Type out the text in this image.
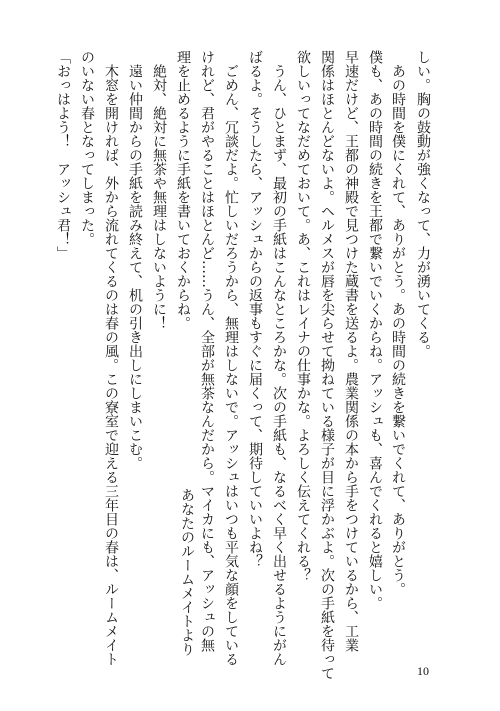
しい。胸の鼓動が強くなって、力が湧いてくる。
あの時間を僕にくれて、ありがとう。あの時間の続きを繋いでくれて、ありがとう。
僕も、あの時間の続きを王都で繋いでいくからね。アッシュも、喜んでくれると嬉しい。
早速だけど、王都の神殿で見つけた蔵書を送るよ。農業関係の本から手をつけているから、工業
関係はほとんどないよ。ヘルメスが唇を尖らせて拗ねている様子が目に浮かぶよ。次の手紙を待って
欲しいってなだめておいて。あ、これはレイナの仕事かな。よろしく伝えてくれる？
うん、ひとまず、最初の手紙はこんなところかな。次の手紙も、なるべく早く出せるようにがん
ばるよ。そうしたら、アッシュからの返事もすぐに届くって、期待していいよね？
ごめん、冗談だよ。忙しいだろうから、無理はしないで。アッシュはいつも平気な顔をしている
けれど、君がやることはほとんど……うん、全部が無茶なんだから。マイカにも、アッシュの無
理を止めるように手紙を書いておくからね。
絶対、絶対に無茶や無理はしないように！
あなたのルームメイトより
遠い仲間からの手紙を読み終えて、机の引き出しにしまいこむ。
木窓を開ければ、外から流れてくるのは春の風。この寮室で迎える三年目の春は、ルームメイト
のいない春となってしまった。
「おっはよう！　アッシュ君！」
10
